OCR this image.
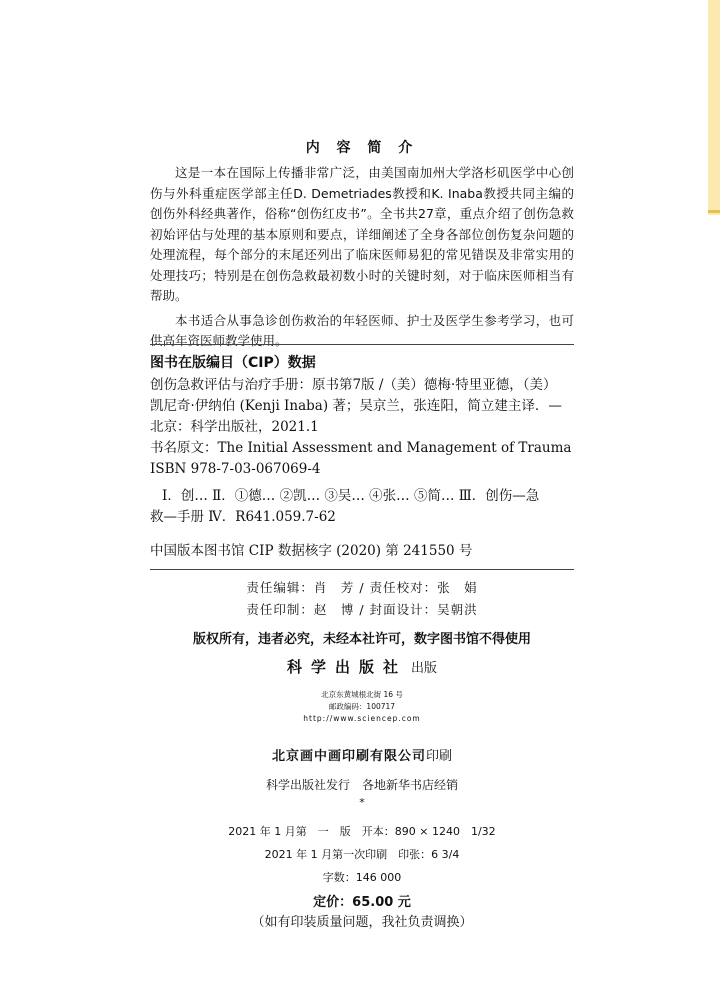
内 容 简 介

这是一本在国际上传播非常广泛，由美国南加州大学洛杉矶医学中心创伤与外科重症医学部主任D. Demetriades教授和K. Inaba教授共同主编的创伤外科经典著作，俗称“创伤红皮书”。全书共27章，重点介绍了创伤急救初始评估与处理的基本原则和要点，详细阐述了全身各部位创伤复杂问题的处理流程，每个部分的末尾还列出了临床医师易犯的常见错误及非常实用的处理技巧；特别是在创伤急救最初数小时的关键时刻，对于临床医师相当有帮助。

本书适合从事急诊创伤救治的年轻医师、护士及医学生参考学习，也可供高年资医师教学使用。

图书在版编目（CIP）数据

创伤急救评估与治疗手册：原书第7版 /（美）德梅·特里亚德，（美）

凯尼奇·伊纳伯 (Kenji Inaba) 著；吴京兰，张连阳，简立建主译．—

北京：科学出版社，2021.1

书名原文：The Initial Assessment and Management of Trauma

ISBN 978-7-03-067069-4

Ⅰ．创… Ⅱ．①德… ②凯… ③吴… ④张… ⑤简… Ⅲ．创伤—急

救—手册 Ⅳ．R641.059.7-62

中国版本图书馆 CIP 数据核字 (2020) 第 241550 号

责任编辑：肖　芳 / 责任校对：张　娟
责任印制：赵　博 / 封面设计：吴朝洪
版权所有，违者必究，未经本社许可，数字图书馆不得使用
科学出版社 出版
北京东黄城根北街 16 号
邮政编码：100717
http://www.sciencep.com
北京画中画印刷有限公司印刷
科学出版社发行　各地新华书店经销
*
2021 年 1 月第　一　版　开本：890 × 1240　1/32
2021 年 1 月第一次印刷　印张：6 3/4
字数：146 000
定价：65.00 元
（如有印装质量问题，我社负责调换）
